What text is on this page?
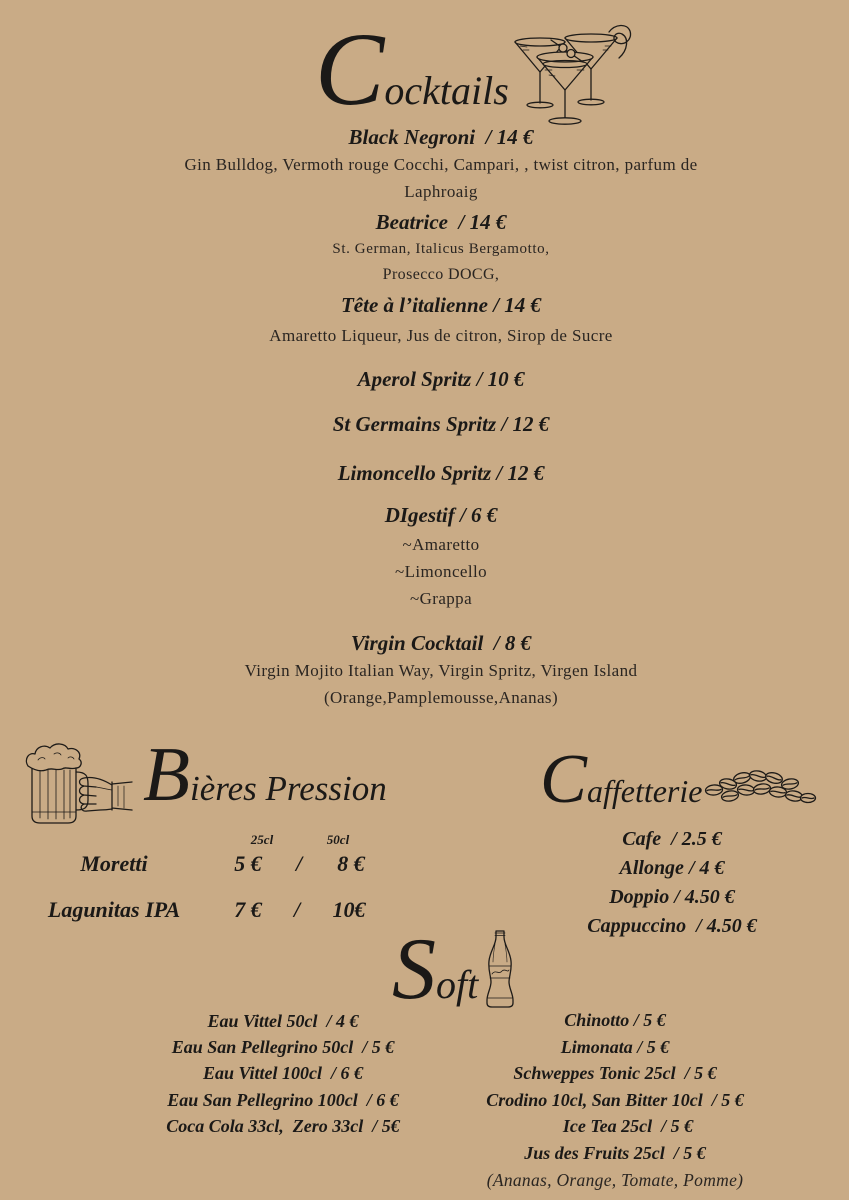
Cocktails
Black Negroni  / 14 €
Gin Bulldog, Vermoth rouge Cocchi, Campari, , twist citron, parfum de
Laphroaig
Beatrice  / 14 €
St. German, Italicus Bergamotto,
Prosecco DOCG,
Tête à l’italienne / 14 €
Amaretto Liqueur, Jus de citron, Sirop de Sucre
Aperol Spritz / 10 €
St Germains Spritz / 12 €
Limoncello Spritz / 12 €
DIgestif / 6 €
~Amaretto
~Limoncello
~Grappa
Virgin Cocktail  / 8 €
Virgin Mojito Italian Way, Virgin Spritz, Virgen Island
(Orange,Pamplemousse,Ananas)
Bières Pression
25cl	50cl
Moretti	5 €	/	8 €
Lagunitas IPA	7 €	/	10€
Caffetterie
Cafe  / 2.5 €
Allonge / 4 €
Doppio / 4.50 €
Cappuccino  / 4.50 €
Soft
Eau Vittel 50cl  / 4 €
Eau San Pellegrino 50cl  / 5 €
Eau Vittel 100cl  / 6 €
Eau San Pellegrino 100cl  / 6 €
Coca Cola 33cl,  Zero 33cl  / 5€
Chinotto / 5 €
Limonata / 5 €
Schweppes Tonic 25cl  / 5 €
Crodino 10cl, San Bitter 10cl  / 5 €
Ice Tea 25cl  / 5 €
Jus des Fruits 25cl  / 5 €
(Ananas, Orange, Tomate, Pomme)
